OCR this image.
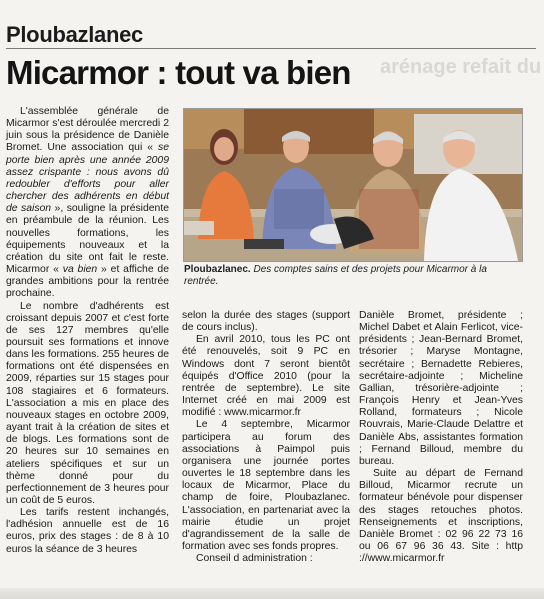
arénage refait du
Ploubazlanec
Micarmor : tout va bien

L'assemblée générale de Micarmor s'est déroulée mercredi 2 juin sous la présidence de Danièle Bromet. Une association qui « se porte bien après une année 2009 assez crispante : nous avons dû redoubler d'efforts pour aller chercher des adhérents en début de saison », souligne la présidente en préambule de la réunion. Les nouvelles formations, les équipements nouveaux et la création du site ont fait le reste. Micarmor « va bien » et affiche de grandes ambitions pour la rentrée prochaine.

Le nombre d'adhérents est croissant depuis 2007 et c'est forte de ses 127 membres qu'elle poursuit ses formations et innove dans les formations. 255 heures de formations ont été dispensées en 2009, réparties sur 15 stages pour 108 stagiaires et 6 formateurs. L'association a mis en place des nouveaux stages en octobre 2009, ayant trait à la création de sites et de blogs. Les formations sont de 20 heures sur 10 semaines en ateliers spécifiques et sur un thème donné pour du perfectionnement de 3 heures pour un coût de 5 euros.

Les tarifs restent inchangés, l'adhésion annuelle est de 16 euros, prix des stages : de 8 à 10 euros la séance de 3 heures

Ploubazlanec. Des comptes sains et des projets pour Micarmor à la rentrée.

selon la durée des stages (support de cours inclus).

En avril 2010, tous les PC ont été renouvelés, soit 9 PC en Windows dont 7 seront bientôt équipés d'Office 2010 (pour la rentrée de septembre). Le site Internet créé en mai 2009 est modifié : www.micarmor.fr

Le 4 septembre, Micarmor participera au forum des associations à Paimpol puis organisera une journée portes ouvertes le 18 septembre dans les locaux de Micarmor, Place du champ de foire, Ploubazlanec. L'association, en partenariat avec la mairie étudie un projet d'agrandissement de la salle de formation avec ses fonds propres.

Conseil d administration :

Danièle Bromet, présidente ; Michel Dabet et Alain Ferlicot, vice-présidents ; Jean-Bernard Bromet, trésorier ; Maryse Montagne, secrétaire ; Bernadette Rebieres, secrétaire-adjointe ; Micheline Gallian, trésorière-adjointe ; François Henry et Jean-Yves Rolland, formateurs ; Nicole Rouvrais, Marie-Claude Delattre et Danièle Abs, assistantes formation ; Fernand Billoud, membre du bureau.

Suite au départ de Fernand Billoud, Micarmor recrute un formateur bénévole pour dispenser des stages retouches photos. Renseignements et inscriptions, Danièle Bromet : 02 96 22 73 16 ou 06 67 96 36 43. Site : http ://www.micarmor.fr
